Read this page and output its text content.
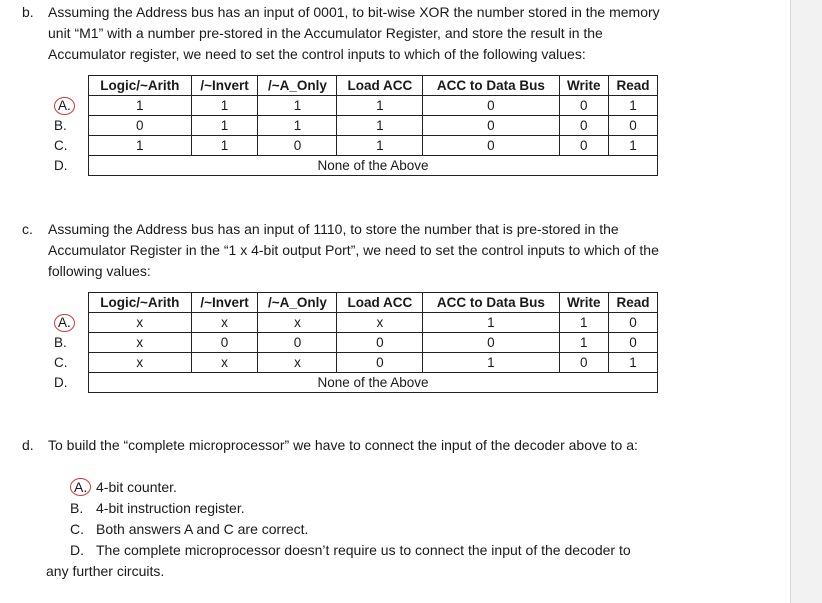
b. Assuming the Address bus has an input of 0001, to bit-wise XOR the number stored in the memory unit “M1” with a number pre-stored in the Accumulator Register, and store the result in the Accumulator register, we need to set the control inputs to which of the following values:
	Logic/~Arith	/~Invert	/~A_Only	Load ACC	ACC to Data Bus	Write	Read
A.	1	1	1	1	0	0	1
B.	0	1	1	1	0	0	0
C.	1	1	0	1	0	0	1
D.	None of the Above						
c. Assuming the Address bus has an input of 1110, to store the number that is pre-stored in the Accumulator Register in the “1 x 4-bit output Port”, we need to set the control inputs to which of the following values:
	Logic/~Arith	/~Invert	/~A_Only	Load ACC	ACC to Data Bus	Write	Read
A.	x	x	x	x	1	1	0
B.	x	0	0	0	0	1	0
C.	x	x	x	0	1	0	1
D.	None of the Above						
d. To build the “complete microprocessor” we have to connect the input of the decoder above to a:
A. 4-bit counter.
B. 4-bit instruction register.
C. Both answers A and C are correct.
D. The complete microprocessor doesn’t require us to connect the input of the decoder to
any further circuits.
